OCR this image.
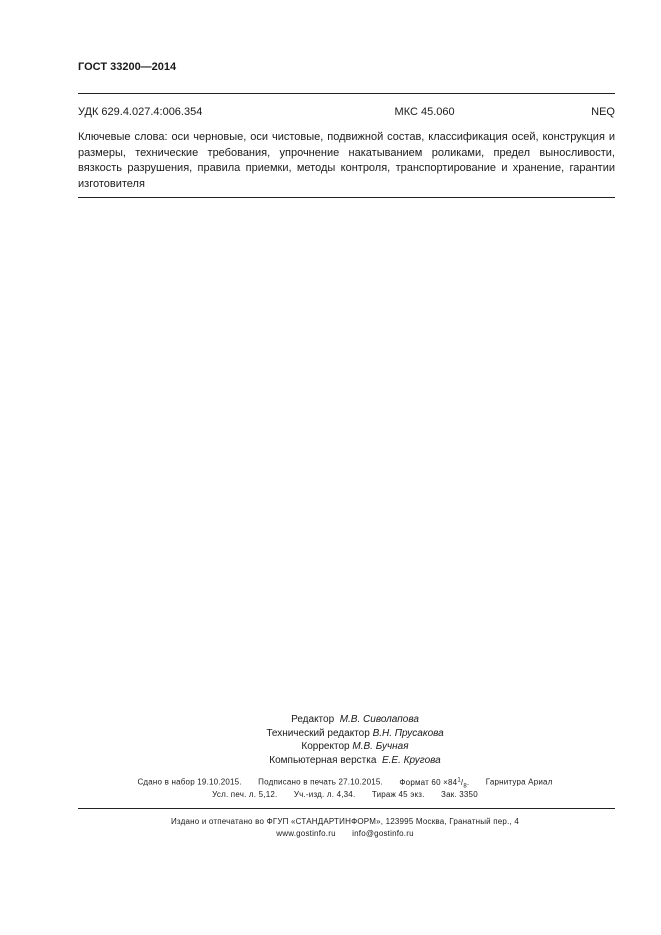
ГОСТ 33200—2014
УДК 629.4.027.4:006.354	МКС 45.060	NEQ
Ключевые слова: оси черновые, оси чистовые, подвижной состав, классификация осей, конструкция и размеры, технические требования, упрочнение накатыванием роликами, предел выносливости, вязкость разрушения, правила приемки, методы контроля, транспортирование и хранение, гарантии изготовителя
Редактор М.В. Сиволапова
Технический редактор В.Н. Прусакова
Корректор М.В. Бучная
Компьютерная верстка Е.Е. Кругова
Сдано в набор 19.10.2015. Подписано в печать 27.10.2015. Формат $60 \times 84^1/_8$. Гарнитура Ариал
Усл. печ. л. 5,12. Уч.-изд. л. 4,34. Тираж 45 экз. Зак. 3350
Издано и отпечатано во ФГУП «СТАНДАРТИНФОРМ», 123995 Москва, Гранатный пер., 4
www.gostinfo.ru info@gostinfo.ru
